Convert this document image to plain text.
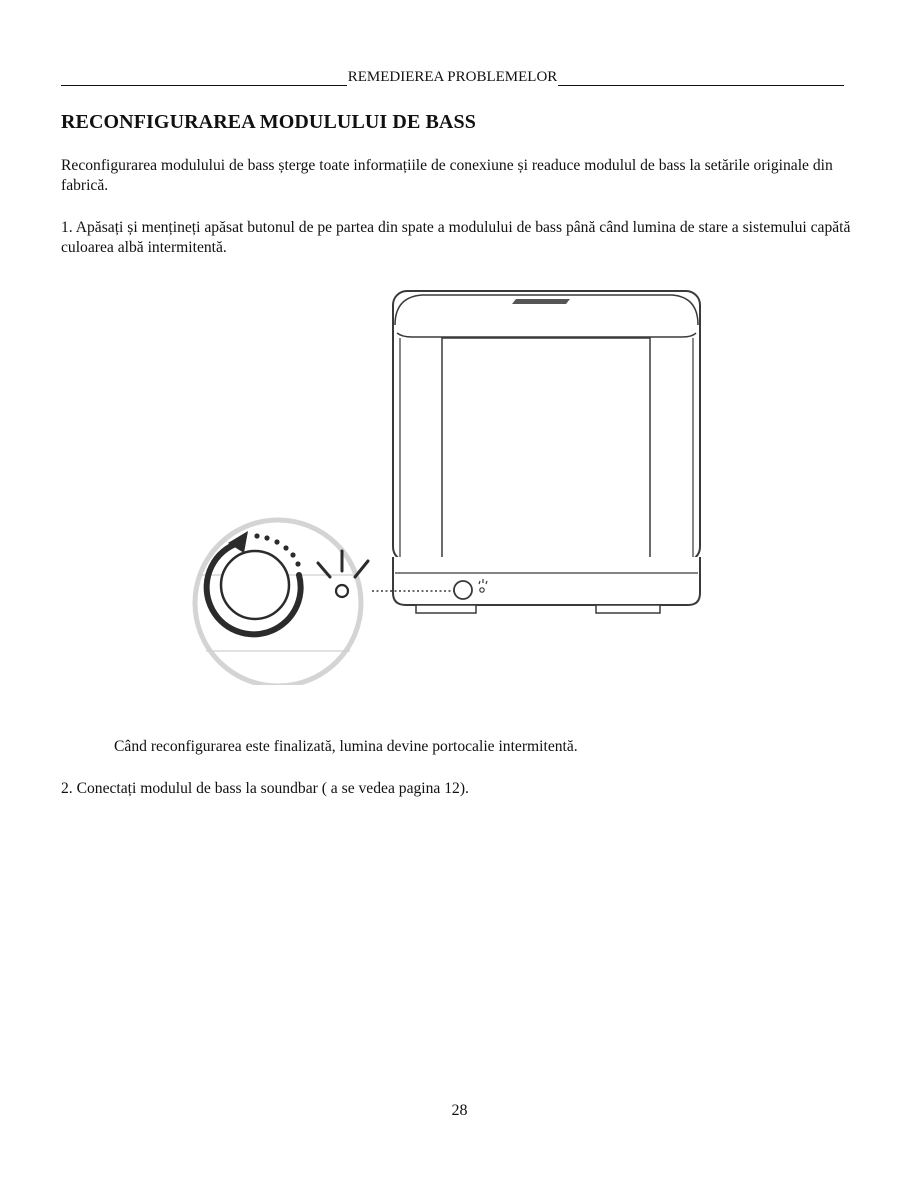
REMEDIEREA PROBLEMELOR
RECONFIGURAREA MODULULUI DE BASS

Reconfigurarea modulului de bass șterge toate informațiile de conexiune și readuce modulul de bass la setările originale din fabrică.

1. Apăsați și mențineți apăsat butonul de pe partea din spate a modulului de bass până când lumina de stare a sistemului capătă culoarea albă intermitentă.

Când reconfigurarea este finalizată, lumina devine portocalie intermitentă.

2. Conectați modulul de bass la soundbar ( a se vedea pagina 12).

28
